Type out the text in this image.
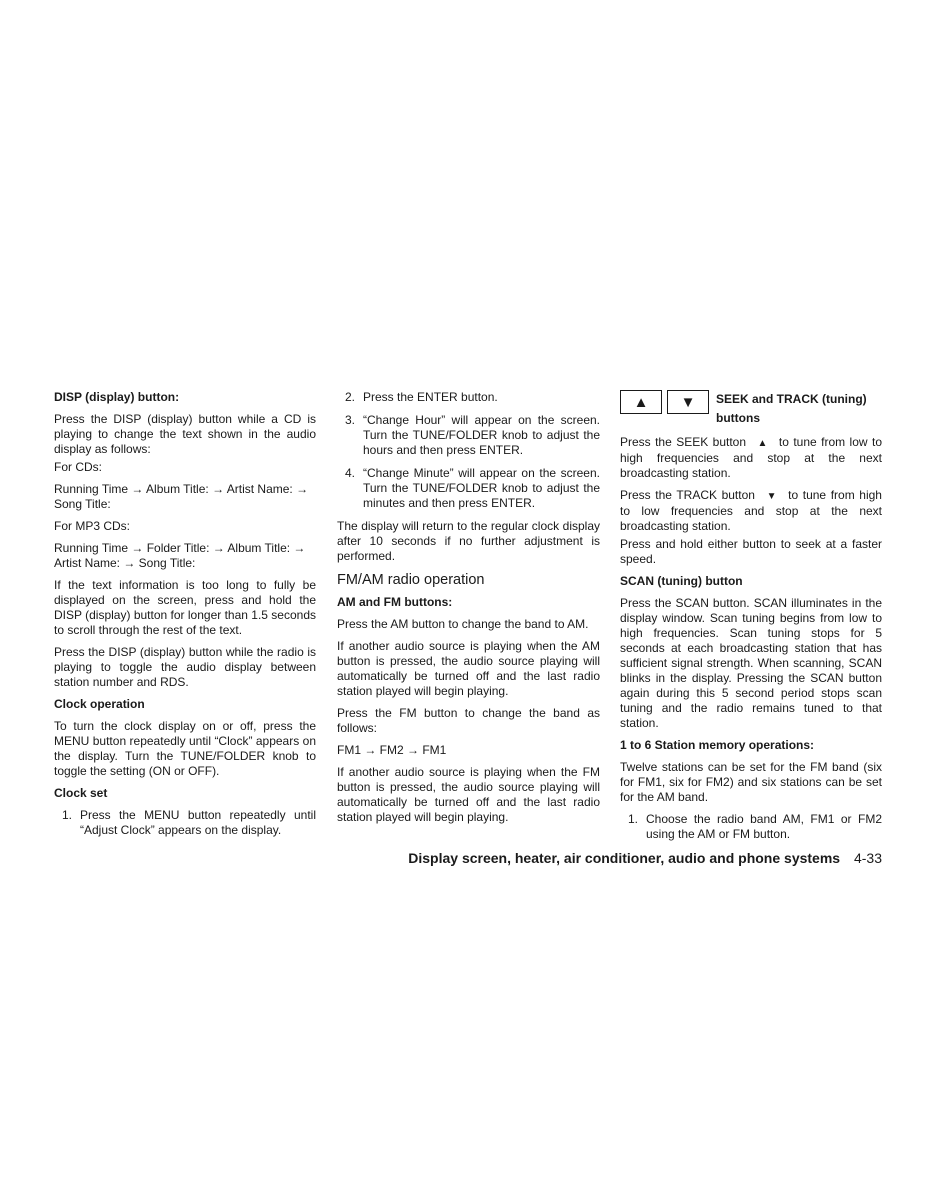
DISP (display) button:

Press the DISP (display) button while a CD is playing to change the text shown in the audio display as follows:

For CDs:

Running Time → Album Title: → Artist Name: → Song Title:

For MP3 CDs:

Running Time → Folder Title: → Album Title: → Artist Name: → Song Title:

If the text information is too long to fully be displayed on the screen, press and hold the DISP (display) button for longer than 1.5 seconds to scroll through the rest of the text.

Press the DISP (display) button while the radio is playing to toggle the audio display between station number and RDS.

Clock operation

To turn the clock display on or off, press the MENU button repeatedly until “Clock” appears on the display. Turn the TUNE/FOLDER knob to toggle the setting (ON or OFF).

Clock set
1. Press the MENU button repeatedly until “Adjust Clock” appears on the display.
2. Press the ENTER button.
3. “Change Hour” will appear on the screen. Turn the TUNE/FOLDER knob to adjust the hours and then press ENTER.
4. “Change Minute” will appear on the screen. Turn the TUNE/FOLDER knob to adjust the minutes and then press ENTER.

The display will return to the regular clock display after 10 seconds if no further adjustment is performed.

FM/AM radio operation
AM and FM buttons:

Press the AM button to change the band to AM.

If another audio source is playing when the AM button is pressed, the audio source playing will automatically be turned off and the last radio station played will begin playing.

Press the FM button to change the band as follows:

FM1 → FM2 → FM1

If another audio source is playing when the FM button is pressed, the audio source playing will automatically be turned off and the last radio station played will begin playing.

▲ ▼ SEEK and TRACK (tuning)
buttons

Press the SEEK button ▲ to tune from low to high frequencies and stop at the next broadcasting station.

Press the TRACK button ▼ to tune from high to low frequencies and stop at the next broadcasting station.

Press and hold either button to seek at a faster speed.

SCAN (tuning) button

Press the SCAN button. SCAN illuminates in the display window. Scan tuning begins from low to high frequencies. Scan tuning stops for 5 seconds at each broadcasting station that has sufficient signal strength. When scanning, SCAN blinks in the display. Pressing the SCAN button again during this 5 second period stops scan tuning and the radio remains tuned to that station.

1 to 6 Station memory operations:

Twelve stations can be set for the FM band (six for FM1, six for FM2) and six stations can be set for the AM band.

1. Choose the radio band AM, FM1 or FM2 using the AM or FM button.
Display screen, heater, air conditioner, audio and phone systems 4-33
